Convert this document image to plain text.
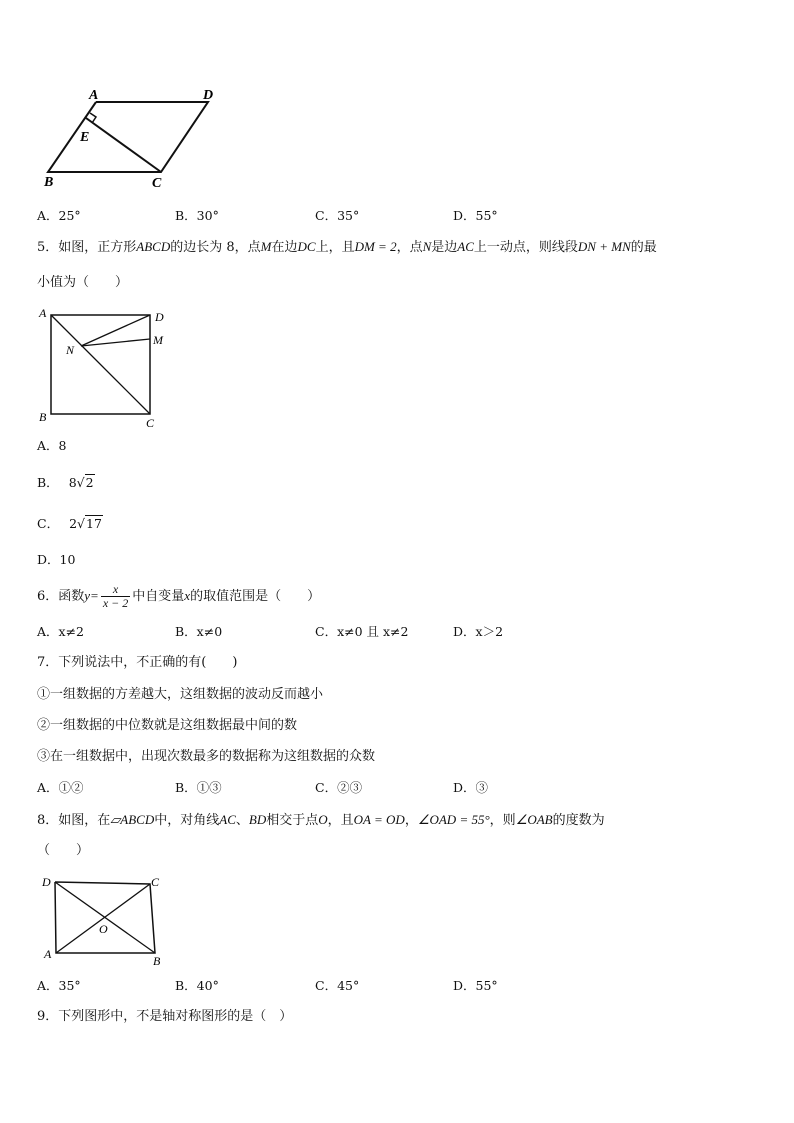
A	D
E
B	C
A．25°	B．30°	C．35°	D．55°
5．如图，正方形ABCD的边长为 8，点M在边DC上，且DM = 2，点N是边AC上一动点，则线段DN + MN的最
小值为（　　）
A	D
M
N
B	C
A．8
B． 8√2
C． 2√17
D．10
6．函数$y= \frac{x}{x - 2}$ 中自变量x的取值范围是（　　）
A．x≠2	B．x≠0	C．x≠0 且 x≠2	D．x＞2
7．下列说法中，不正确的有(　　)
①一组数据的方差越大，这组数据的波动反而越小
②一组数据的中位数就是这组数据最中间的数
③在一组数据中，出现次数最多的数据称为这组数据的众数
A．①②	B．①③	C．②③	D．③
8．如图，在▱ABCD中，对角线AC、BD相交于点O，且OA = OD，∠OAD = 55°，则∠OAB的度数为
（　　）
D	C
O
A	B
A．35°	B．40°	C．45°	D．55°
9．下列图形中，不是轴对称图形的是（　）
